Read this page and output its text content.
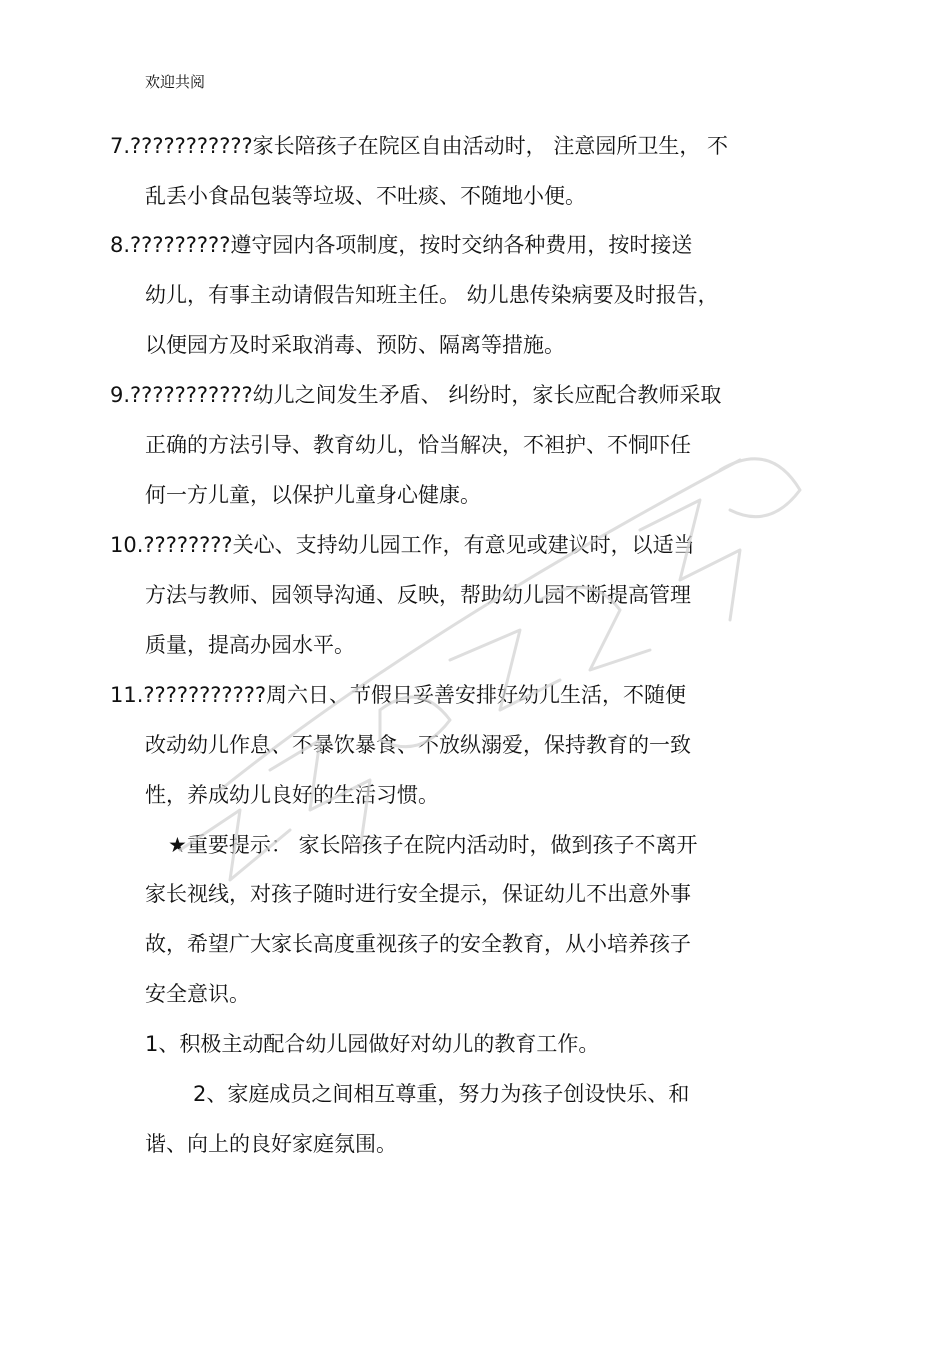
欢迎共阅
7.???????????家长陪孩子在院区自由活动时， 注意园所卫生， 不
乱丢小食品包装等垃圾、不吐痰、不随地小便。
8.?????????遵守园内各项制度，按时交纳各种费用，按时接送
幼儿，有事主动请假告知班主任。 幼儿患传染病要及时报告，
以便园方及时采取消毒、预防、隔离等措施。
9.???????????幼儿之间发生矛盾、 纠纷时，家长应配合教师采取
正确的方法引导、教育幼儿，恰当解决，不袒护、不恫吓任
何一方儿童，以保护儿童身心健康。
10.????????关心、支持幼儿园工作，有意见或建议时，以适当
方法与教师、园领导沟通、反映，帮助幼儿园不断提高管理
质量，提高办园水平。
11.???????????周六日、节假日妥善安排好幼儿生活，不随便
改动幼儿作息、不暴饮暴食、不放纵溺爱，保持教育的一致
性，养成幼儿良好的生活习惯。
★重要提示： 家长陪孩子在院内活动时，做到孩子不离开
家长视线，对孩子随时进行安全提示，保证幼儿不出意外事
故，希望广大家长高度重视孩子的安全教育，从小培养孩子
安全意识。
1、积极主动配合幼儿园做好对幼儿的教育工作。
2、家庭成员之间相互尊重，努力为孩子创设快乐、和
谐、向上的良好家庭氛围。
